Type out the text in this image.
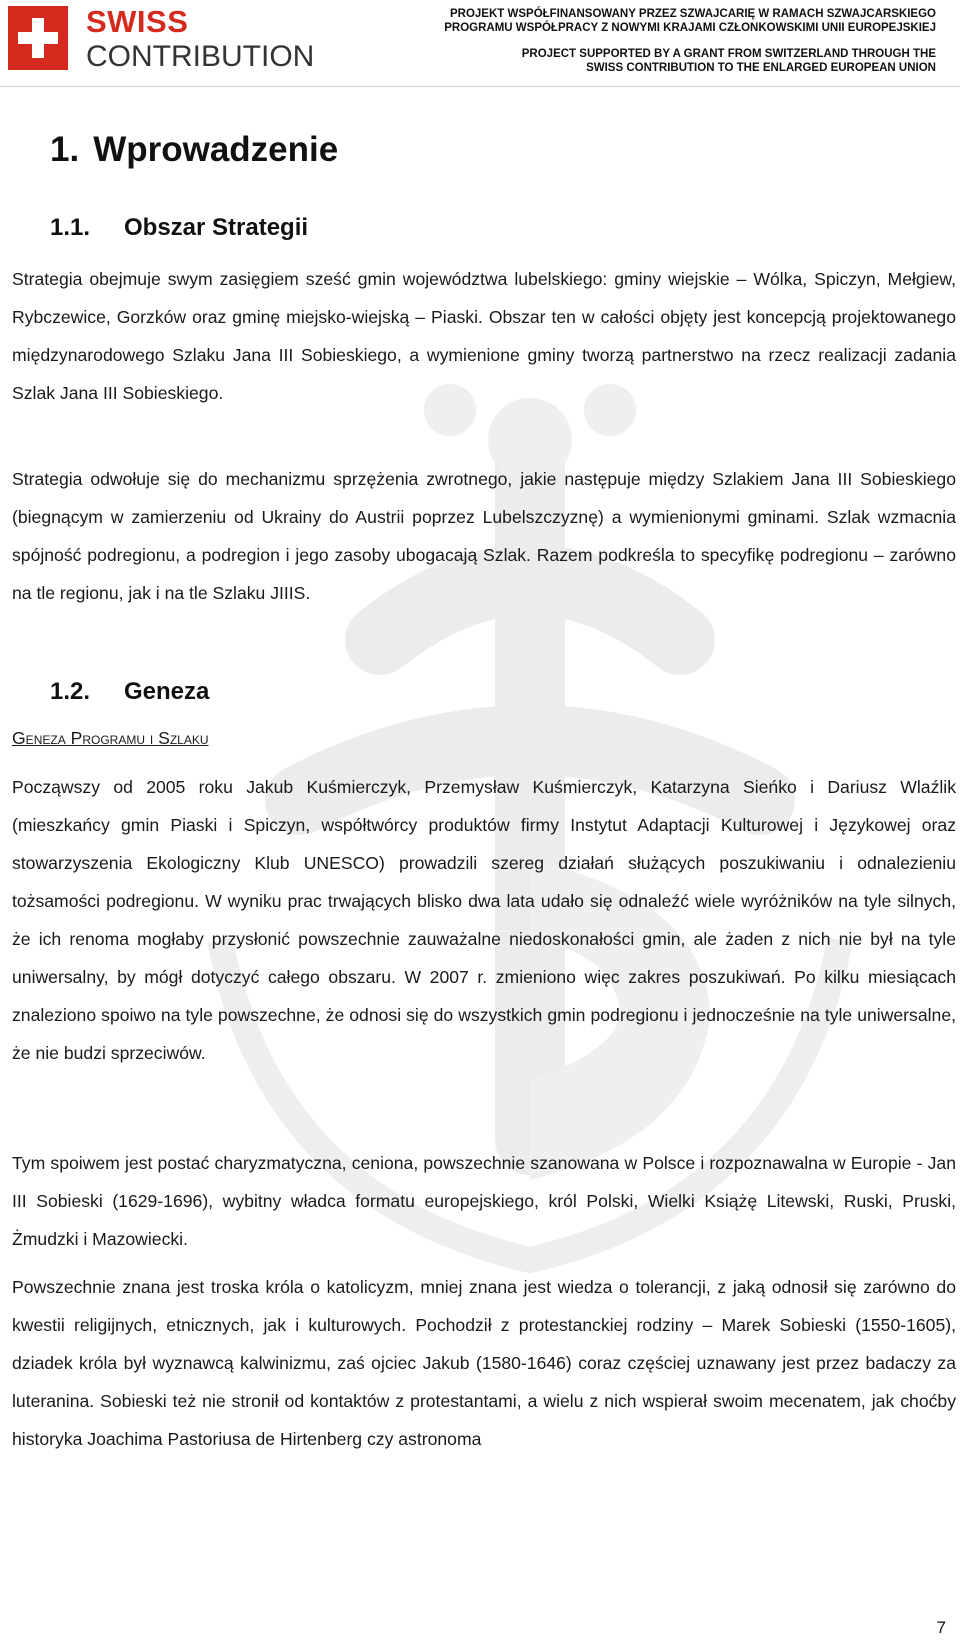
SWISS
CONTRIBUTION
PROJEKT WSPÓŁFINANSOWANY PRZEZ SZWAJCARIĘ W RAMACH SZWAJCARSKIEGO
PROGRAMU WSPÓŁPRACY Z NOWYMI KRAJAMI CZŁONKOWSKIMI UNII EUROPEJSKIEJ
PROJECT SUPPORTED BY A GRANT FROM SWITZERLAND THROUGH THE
SWISS CONTRIBUTION TO THE ENLARGED EUROPEAN UNION
1. Wprowadzenie
1.1. Obszar Strategii
Strategia obejmuje swym zasięgiem sześć gmin województwa lubelskiego: gminy wiejskie – Wólka, Spiczyn, Mełgiew, Rybczewice, Gorzków oraz gminę miejsko-wiejską – Piaski. Obszar ten w całości objęty jest koncepcją projektowanego międzynarodowego Szlaku Jana III Sobieskiego, a wymienione gminy tworzą partnerstwo na rzecz realizacji zadania Szlak Jana III Sobieskiego.
Strategia odwołuje się do mechanizmu sprzężenia zwrotnego, jakie następuje między Szlakiem Jana III Sobieskiego (biegnącym w zamierzeniu od Ukrainy do Austrii poprzez Lubelszczyznę) a wymienionymi gminami. Szlak wzmacnia spójność podregionu, a podregion i jego zasoby ubogacają Szlak. Razem podkreśla to specyfikę podregionu – zarówno na tle regionu, jak i na tle Szlaku JIIIS.
1.2. Geneza
Geneza Programu i Szlaku
Począwszy od 2005 roku Jakub Kuśmierczyk, Przemysław Kuśmierczyk, Katarzyna Sieńko i Dariusz Wlaźlik (mieszkańcy gmin Piaski i Spiczyn, współtwórcy produktów firmy Instytut Adaptacji Kulturowej i Językowej oraz stowarzyszenia Ekologiczny Klub UNESCO) prowadzili szereg działań służących poszukiwaniu i odnalezieniu tożsamości podregionu. W wyniku prac trwających blisko dwa lata udało się odnaleźć wiele wyróżników na tyle silnych, że ich renoma mogłaby przysłonić powszechnie zauważalne niedoskonałości gmin, ale żaden z nich nie był na tyle uniwersalny, by mógł dotyczyć całego obszaru. W 2007 r. zmieniono więc zakres poszukiwań. Po kilku miesiącach znaleziono spoiwo na tyle powszechne, że odnosi się do wszystkich gmin podregionu i jednocześnie na tyle uniwersalne, że nie budzi sprzeciwów.
Tym spoiwem jest postać charyzmatyczna, ceniona, powszechnie szanowana w Polsce i rozpoznawalna w Europie - Jan III Sobieski (1629-1696), wybitny władca formatu europejskiego, król Polski, Wielki Książę Litewski, Ruski, Pruski, Żmudzki i Mazowiecki.
Powszechnie znana jest troska króla o katolicyzm, mniej znana jest wiedza o tolerancji, z jaką odnosił się zarówno do kwestii religijnych, etnicznych, jak i kulturowych. Pochodził z protestanckiej rodziny – Marek Sobieski (1550-1605), dziadek króla był wyznawcą kalwinizmu, zaś ojciec Jakub (1580-1646) coraz częściej uznawany jest przez badaczy za luteranina. Sobieski też nie stronił od kontaktów z protestantami, a wielu z nich wspierał swoim mecenatem, jak choćby historyka Joachima Pastoriusa de Hirtenberg czy astronoma
7
